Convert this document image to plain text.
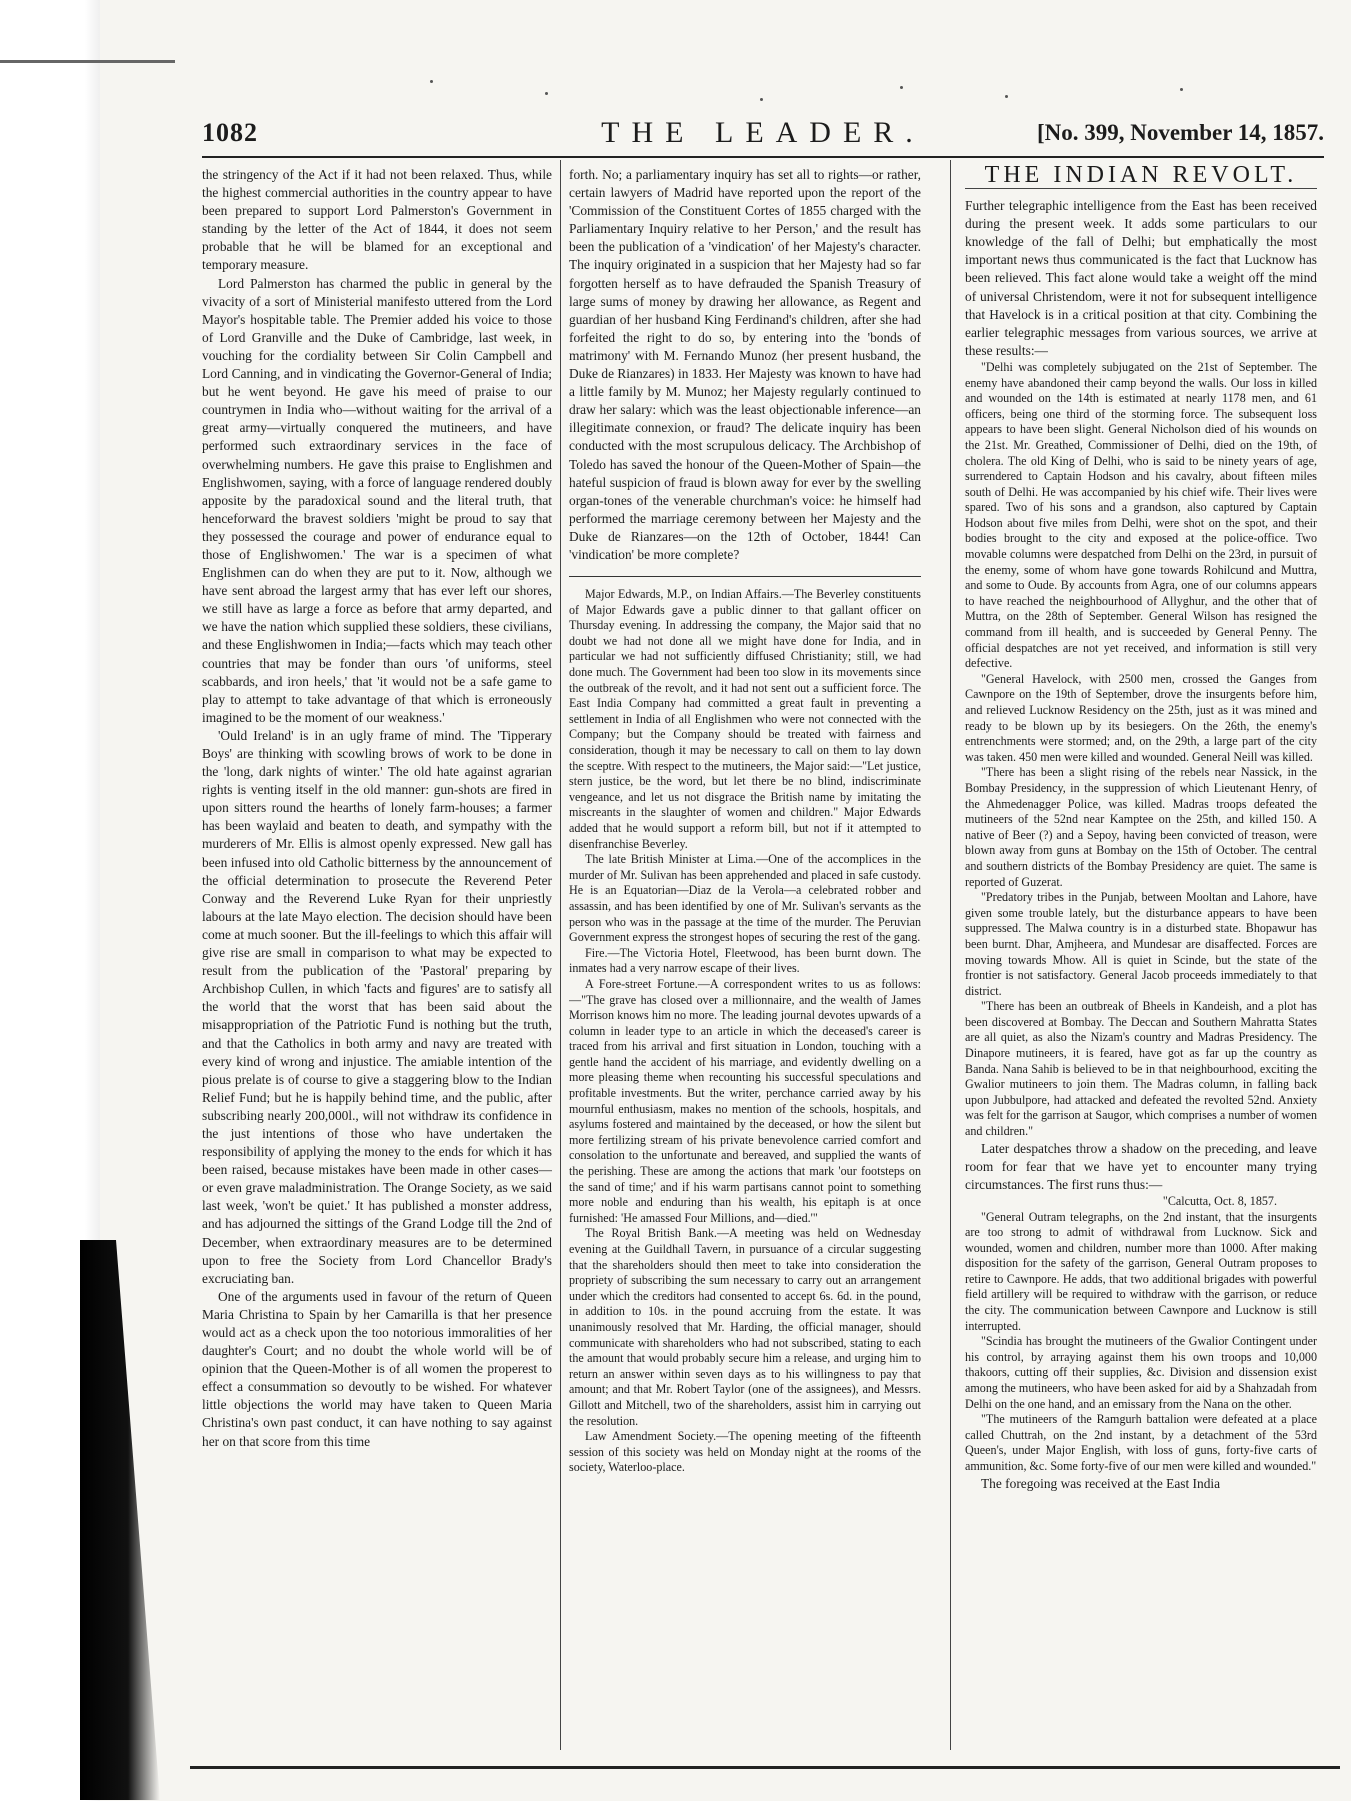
1082	THE LEADER.	[No. 399, November 14, 1857.

the stringency of the Act if it had not been relaxed. Thus, while the highest commercial authorities in the country appear to have been prepared to support Lord Palmerston's Government in standing by the letter of the Act of 1844, it does not seem probable that he will be blamed for an exceptional and temporary measure.

Lord Palmerston has charmed the public in general by the vivacity of a sort of Ministerial manifesto uttered from the Lord Mayor's hospitable table. The Premier added his voice to those of Lord Granville and the Duke of Cambridge, last week, in vouching for the cordiality between Sir Colin Campbell and Lord Canning, and in vindicating the Governor-General of India; but he went beyond. He gave his meed of praise to our countrymen in India who—without waiting for the arrival of a great army—virtually conquered the mutineers, and have performed such extraordinary services in the face of overwhelming numbers. He gave this praise to Englishmen and Englishwomen, saying, with a force of language rendered doubly apposite by the paradoxical sound and the literal truth, that henceforward the bravest soldiers 'might be proud to say that they possessed the courage and power of endurance equal to those of Englishwomen.' The war is a specimen of what Englishmen can do when they are put to it. Now, although we have sent abroad the largest army that has ever left our shores, we still have as large a force as before that army departed, and we have the nation which supplied these soldiers, these civilians, and these Englishwomen in India;—facts which may teach other countries that may be fonder than ours 'of uniforms, steel scabbards, and iron heels,' that 'it would not be a safe game to play to attempt to take advantage of that which is erroneously imagined to be the moment of our weakness.'

'Ould Ireland' is in an ugly frame of mind. The 'Tipperary Boys' are thinking with scowling brows of work to be done in the 'long, dark nights of winter.' The old hate against agrarian rights is venting itself in the old manner: gun-shots are fired in upon sitters round the hearths of lonely farm-houses; a farmer has been waylaid and beaten to death, and sympathy with the murderers of Mr. Ellis is almost openly expressed. New gall has been infused into old Catholic bitterness by the announcement of the official determination to prosecute the Reverend Peter Conway and the Reverend Luke Ryan for their unpriestly labours at the late Mayo election. The decision should have been come at much sooner. But the ill-feelings to which this affair will give rise are small in comparison to what may be expected to result from the publication of the 'Pastoral' preparing by Archbishop Cullen, in which 'facts and figures' are to satisfy all the world that the worst that has been said about the misappropriation of the Patriotic Fund is nothing but the truth, and that the Catholics in both army and navy are treated with every kind of wrong and injustice. The amiable intention of the pious prelate is of course to give a staggering blow to the Indian Relief Fund; but he is happily behind time, and the public, after subscribing nearly 200,000l., will not withdraw its confidence in the just intentions of those who have undertaken the responsibility of applying the money to the ends for which it has been raised, because mistakes have been made in other cases—or even grave maladministration. The Orange Society, as we said last week, 'won't be quiet.' It has published a monster address, and has adjourned the sittings of the Grand Lodge till the 2nd of December, when extraordinary measures are to be determined upon to free the Society from Lord Chancellor Brady's excruciating ban.

One of the arguments used in favour of the return of Queen Maria Christina to Spain by her Camarilla is that her presence would act as a check upon the too notorious immoralities of her daughter's Court; and no doubt the whole world will be of opinion that the Queen-Mother is of all women the properest to effect a consummation so devoutly to be wished. For whatever little objections the world may have taken to Queen Maria Christina's own past conduct, it can have nothing to say against her on that score from this time

forth. No; a parliamentary inquiry has set all to rights—or rather, certain lawyers of Madrid have reported upon the report of the 'Commission of the Constituent Cortes of 1855 charged with the Parliamentary Inquiry relative to her Person,' and the result has been the publication of a 'vindication' of her Majesty's character. The inquiry originated in a suspicion that her Majesty had so far forgotten herself as to have defrauded the Spanish Treasury of large sums of money by drawing her allowance, as Regent and guardian of her husband King Ferdinand's children, after she had forfeited the right to do so, by entering into the 'bonds of matrimony' with M. Fernando Munoz (her present husband, the Duke de Rianzares) in 1833. Her Majesty was known to have had a little family by M. Munoz; her Majesty regularly continued to draw her salary: which was the least objectionable inference—an illegitimate connexion, or fraud? The delicate inquiry has been conducted with the most scrupulous delicacy. The Archbishop of Toledo has saved the honour of the Queen-Mother of Spain—the hateful suspicion of fraud is blown away for ever by the swelling organ-tones of the venerable churchman's voice: he himself had performed the marriage ceremony between her Majesty and the Duke de Rianzares—on the 12th of October, 1844! Can 'vindication' be more complete?

Major Edwards, M.P., on Indian Affairs.—The Beverley constituents of Major Edwards gave a public dinner to that gallant officer on Thursday evening. In addressing the company, the Major said that no doubt we had not done all we might have done for India, and in particular we had not sufficiently diffused Christianity; still, we had done much. The Government had been too slow in its movements since the outbreak of the revolt, and it had not sent out a sufficient force. The East India Company had committed a great fault in preventing a settlement in India of all Englishmen who were not connected with the Company; but the Company should be treated with fairness and consideration, though it may be necessary to call on them to lay down the sceptre. With respect to the mutineers, the Major said:—"Let justice, stern justice, be the word, but let there be no blind, indiscriminate vengeance, and let us not disgrace the British name by imitating the miscreants in the slaughter of women and children." Major Edwards added that he would support a reform bill, but not if it attempted to disenfranchise Beverley.

The late British Minister at Lima.—One of the accomplices in the murder of Mr. Sulivan has been apprehended and placed in safe custody. He is an Equatorian—Diaz de la Verola—a celebrated robber and assassin, and has been identified by one of Mr. Sulivan's servants as the person who was in the passage at the time of the murder. The Peruvian Government express the strongest hopes of securing the rest of the gang.

Fire.—The Victoria Hotel, Fleetwood, has been burnt down. The inmates had a very narrow escape of their lives.

A Fore-street Fortune.—A correspondent writes to us as follows:—"The grave has closed over a millionnaire, and the wealth of James Morrison knows him no more. The leading journal devotes upwards of a column in leader type to an article in which the deceased's career is traced from his arrival and first situation in London, touching with a gentle hand the accident of his marriage, and evidently dwelling on a more pleasing theme when recounting his successful speculations and profitable investments. But the writer, perchance carried away by his mournful enthusiasm, makes no mention of the schools, hospitals, and asylums fostered and maintained by the deceased, or how the silent but more fertilizing stream of his private benevolence carried comfort and consolation to the unfortunate and bereaved, and supplied the wants of the perishing. These are among the actions that mark 'our footsteps on the sand of time;' and if his warm partisans cannot point to something more noble and enduring than his wealth, his epitaph is at once furnished: 'He amassed Four Millions, and—died.'"

The Royal British Bank.—A meeting was held on Wednesday evening at the Guildhall Tavern, in pursuance of a circular suggesting that the shareholders should then meet to take into consideration the propriety of subscribing the sum necessary to carry out an arrangement under which the creditors had consented to accept 6s. 6d. in the pound, in addition to 10s. in the pound accruing from the estate. It was unanimously resolved that Mr. Harding, the official manager, should communicate with shareholders who had not subscribed, stating to each the amount that would probably secure him a release, and urging him to return an answer within seven days as to his willingness to pay that amount; and that Mr. Robert Taylor (one of the assignees), and Messrs. Gillott and Mitchell, two of the shareholders, assist him in carrying out the resolution.

Law Amendment Society.—The opening meeting of the fifteenth session of this society was held on Monday night at the rooms of the society, Waterloo-place.

THE INDIAN REVOLT.

Further telegraphic intelligence from the East has been received during the present week. It adds some particulars to our knowledge of the fall of Delhi; but emphatically the most important news thus communicated is the fact that Lucknow has been relieved. This fact alone would take a weight off the mind of universal Christendom, were it not for subsequent intelligence that Havelock is in a critical position at that city. Combining the earlier telegraphic messages from various sources, we arrive at these results:—

"Delhi was completely subjugated on the 21st of September. The enemy have abandoned their camp beyond the walls. Our loss in killed and wounded on the 14th is estimated at nearly 1178 men, and 61 officers, being one third of the storming force. The subsequent loss appears to have been slight. General Nicholson died of his wounds on the 21st. Mr. Greathed, Commissioner of Delhi, died on the 19th, of cholera. The old King of Delhi, who is said to be ninety years of age, surrendered to Captain Hodson and his cavalry, about fifteen miles south of Delhi. He was accompanied by his chief wife. Their lives were spared. Two of his sons and a grandson, also captured by Captain Hodson about five miles from Delhi, were shot on the spot, and their bodies brought to the city and exposed at the police-office. Two movable columns were despatched from Delhi on the 23rd, in pursuit of the enemy, some of whom have gone towards Rohilcund and Muttra, and some to Oude. By accounts from Agra, one of our columns appears to have reached the neighbourhood of Allyghur, and the other that of Muttra, on the 28th of September. General Wilson has resigned the command from ill health, and is succeeded by General Penny. The official despatches are not yet received, and information is still very defective.

"General Havelock, with 2500 men, crossed the Ganges from Cawnpore on the 19th of September, drove the insurgents before him, and relieved Lucknow Residency on the 25th, just as it was mined and ready to be blown up by its besiegers. On the 26th, the enemy's entrenchments were stormed; and, on the 29th, a large part of the city was taken. 450 men were killed and wounded. General Neill was killed.

"There has been a slight rising of the rebels near Nassick, in the Bombay Presidency, in the suppression of which Lieutenant Henry, of the Ahmedenagger Police, was killed. Madras troops defeated the mutineers of the 52nd near Kamptee on the 25th, and killed 150. A native of Beer (?) and a Sepoy, having been convicted of treason, were blown away from guns at Bombay on the 15th of October. The central and southern districts of the Bombay Presidency are quiet. The same is reported of Guzerat.

"Predatory tribes in the Punjab, between Mooltan and Lahore, have given some trouble lately, but the disturbance appears to have been suppressed. The Malwa country is in a disturbed state. Bhopawur has been burnt. Dhar, Amjheera, and Mundesar are disaffected. Forces are moving towards Mhow. All is quiet in Scinde, but the state of the frontier is not satisfactory. General Jacob proceeds immediately to that district.

"There has been an outbreak of Bheels in Kandeish, and a plot has been discovered at Bombay. The Deccan and Southern Mahratta States are all quiet, as also the Nizam's country and Madras Presidency. The Dinapore mutineers, it is feared, have got as far up the country as Banda. Nana Sahib is believed to be in that neighbourhood, exciting the Gwalior mutineers to join them. The Madras column, in falling back upon Jubbulpore, had attacked and defeated the revolted 52nd. Anxiety was felt for the garrison at Saugor, which comprises a number of women and children."

Later despatches throw a shadow on the preceding, and leave room for fear that we have yet to encounter many trying circumstances. The first runs thus:—

"Calcutta, Oct. 8, 1857.

"General Outram telegraphs, on the 2nd instant, that the insurgents are too strong to admit of withdrawal from Lucknow. Sick and wounded, women and children, number more than 1000. After making disposition for the safety of the garrison, General Outram proposes to retire to Cawnpore. He adds, that two additional brigades with powerful field artillery will be required to withdraw with the garrison, or reduce the city. The communication between Cawnpore and Lucknow is still interrupted.

"Scindia has brought the mutineers of the Gwalior Contingent under his control, by arraying against them his own troops and 10,000 thakoors, cutting off their supplies, &c. Division and dissension exist among the mutineers, who have been asked for aid by a Shahzadah from Delhi on the one hand, and an emissary from the Nana on the other.

"The mutineers of the Ramgurh battalion were defeated at a place called Chuttrah, on the 2nd instant, by a detachment of the 53rd Queen's, under Major English, with loss of guns, forty-five carts of ammunition, &c. Some forty-five of our men were killed and wounded."

The foregoing was received at the East India
